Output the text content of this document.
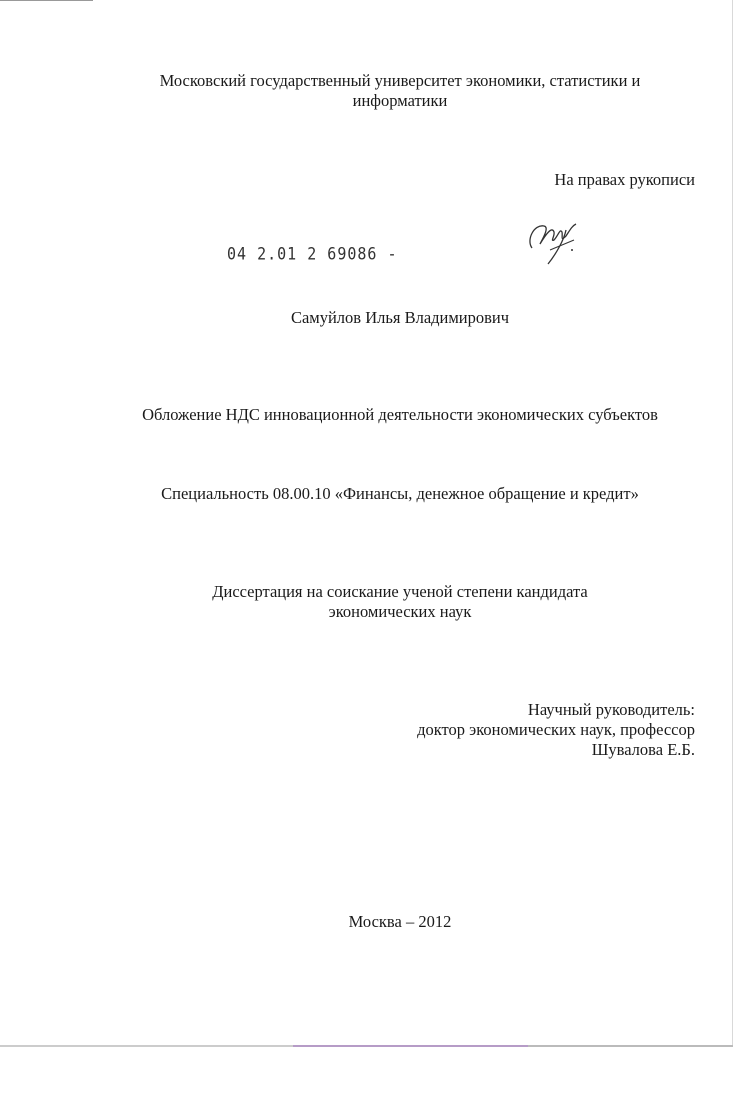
Московский государственный университет экономики, статистики и информатики
На правах рукописи
04 2.01 2 69086 -
Самуйлов Илья Владимирович
Обложение НДС инновационной деятельности экономических субъектов
Специальность 08.00.10 «Финансы, денежное обращение и кредит»
Диссертация на соискание ученой степени кандидата
экономических наук
Научный руководитель:
доктор экономических наук, профессор
Шувалова Е.Б.
Москва – 2012
